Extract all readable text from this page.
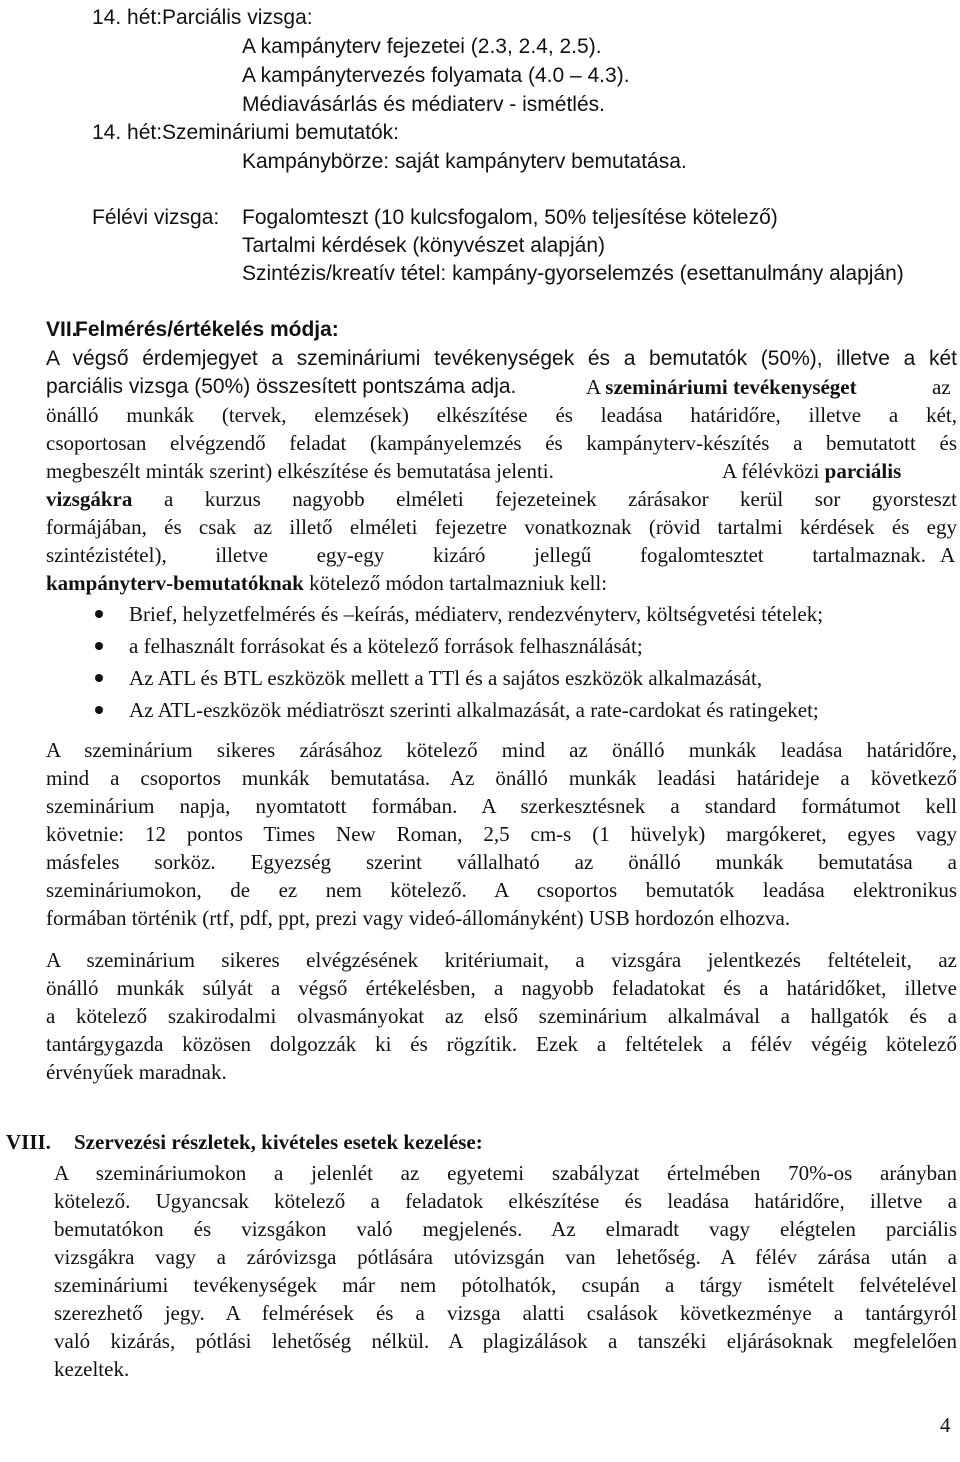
14. hét:Parciális vizsga:
A kampányterv fejezetei (2.3, 2.4, 2.5).
A kampánytervezés folyamata (4.0 – 4.3).
Médiavásárlás és médiaterv - ismétlés.
14. hét:Szemináriumi bemutatók:
Kampánybörze: saját kampányterv bemutatása.
Félévi vizsga: Fogalomteszt (10 kulcsfogalom, 50% teljesítése kötelező)
Tartalmi kérdések (könyvészet alapján)
Szintézis/kreatív tétel: kampány-gyorselemzés (esettanulmány alapján)
VII.
Felmérés/értékelés módja:
A végső érdemjegyet a szemináriumi tevékenységek és a bemutatók (50%), illetve a két
parciális vizsga (50%) összesített pontszáma adja.	A szemináriumi tevékenységet	az
önálló munkák (tervek, elemzések) elkészítése és leadása határidőre, illetve a két,
csoportosan elvégzendő feladat (kampányelemzés és kampányterv-készítés a bemutatott és
megbeszélt minták szerint) elkészítése és bemutatása jelenti.	A félévközi parciális
vizsgákra a kurzus nagyobb elméleti fejezeteinek zárásakor kerül sor gyorsteszt
formájában, és csak az illető elméleti fejezetre vonatkoznak (rövid tartalmi kérdések és egy
szintézistétel), illetve egy-egy kizáró jellegű fogalomtesztet tartalmaznak. A
kampányterv-bemutatóknak kötelező módon tartalmazniuk kell:
Brief, helyzetfelmérés és –keírás, médiaterv, rendezvényterv, költségvetési tételek;
a felhasznált forrásokat és a kötelező források felhasználását;
Az ATL és BTL eszközök mellett a TTl és a sajátos eszközök alkalmazását,
Az ATL-eszközök médiatröszt szerinti alkalmazását, a rate-cardokat és ratingeket;
A szeminárium sikeres zárásához kötelező mind az önálló munkák leadása határidőre,
mind a csoportos munkák bemutatása. Az önálló munkák leadási határideje a következő
szeminárium napja, nyomtatott formában. A szerkesztésnek a standard formátumot kell
követnie: 12 pontos Times New Roman, 2,5 cm-s (1 hüvelyk) margókeret, egyes vagy
másfeles sorköz. Egyezség szerint vállalható az önálló munkák bemutatása a
szemináriumokon, de ez nem kötelező. A csoportos bemutatók leadása elektronikus
formában történik (rtf, pdf, ppt, prezi vagy videó-állományként) USB hordozón elhozva.
A szeminárium sikeres elvégzésének kritériumait, a vizsgára jelentkezés feltételeit, az
önálló munkák súlyát a végső értékelésben, a nagyobb feladatokat és a határidőket, illetve
a kötelező szakirodalmi olvasmányokat az első szeminárium alkalmával a hallgatók és a
tantárgygazda közösen dolgozzák ki és rögzítik. Ezek a feltételek a félév végéig kötelező
érvényűek maradnak.
VIII. Szervezési részletek, kivételes esetek kezelése:
A szemináriumokon a jelenlét az egyetemi szabályzat értelmében 70%-os arányban
kötelező. Ugyancsak kötelező a feladatok elkészítése és leadása határidőre, illetve a
bemutatókon és vizsgákon való megjelenés. Az elmaradt vagy elégtelen parciális
vizsgákra vagy a záróvizsga pótlására utóvizsgán van lehetőség. A félév zárása után a
szemináriumi tevékenységek már nem pótolhatók, csupán a tárgy ismételt felvételével
szerezhető jegy. A felmérések és a vizsga alatti csalások következménye a tantárgyról
való kizárás, pótlási lehetőség nélkül. A plagizálások a tanszéki eljárásoknak megfelelően
kezeltek.
4
